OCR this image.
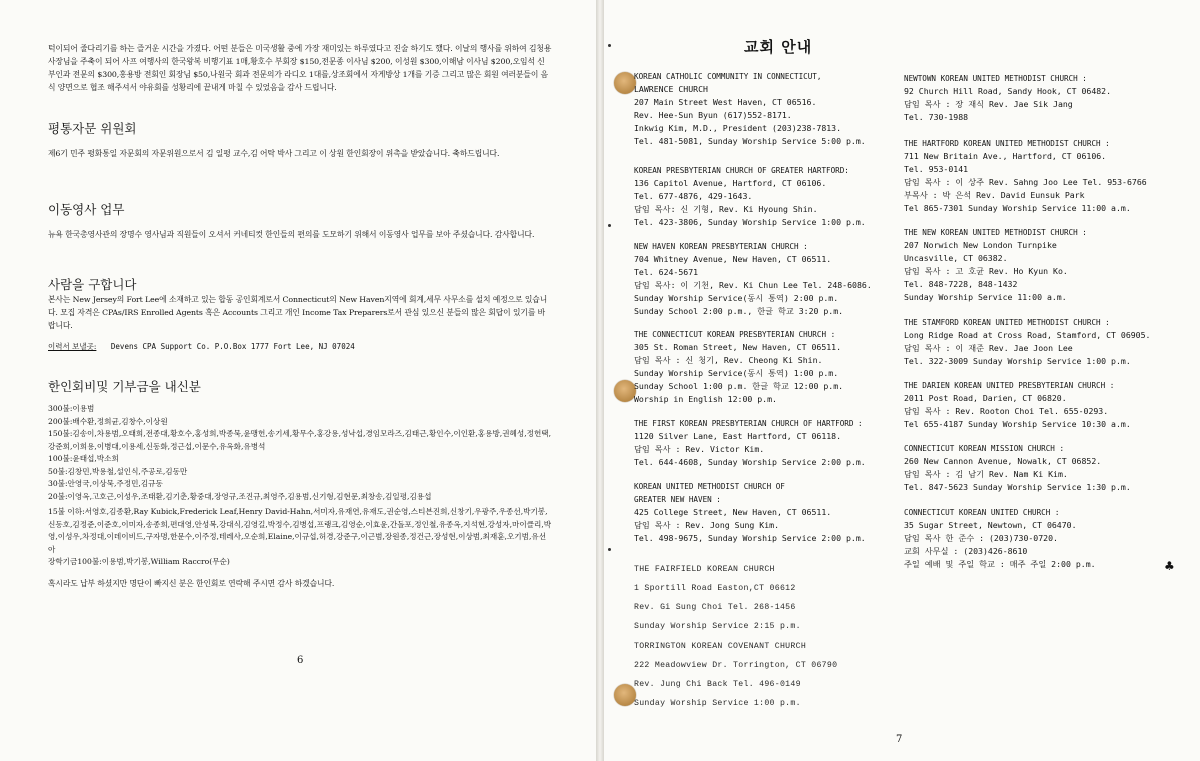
턱이되어 줄다리기를 하는 즐거운 시간을 가졌다. 어떤 분들은 미국생활 중에 가장 재미있는 하루였다고 진술 하기도 했다. 이날의 행사를 위하여 김청용 사장님을 주축이 되어 사프 여행사의 한국왕복 비행기표 1매,황호수 부회장 $150,전문종 이사님 $200, 이성원 $300,이해남 이사님 $200,오임석 신부인과 전문의 $300,홍용방 전회인 회장님 $50,나원국 회과 전문의가 라디오 1대를,상조회에서 자게방상 1개를 기증 그리고 많은 회원 여러분들이 음식 양면으로 협조 해주셔서 야유회를 성황리에 끝내게 마칠 수 있었음을 감사 드립니다.

평통자문 위원회

제6기 민주 평화통일 자문회의 자문위원으로서 김 일평 교수,김 어탁 박사 그리고 이 상원 한인회장이 위촉을 받았습니다. 축하드립니다.

이동영사 업무

뉴욕 한국총영사관의 장명수 영사님과 직원들이 오셔서 커네티컷 한인들의 편의를 도모하기 위해서 이동영사 업무를 보아 주셨습니다. 감사합니다.

사람을 구합니다

본사는 New Jersey의 Fort Lee에 소재하고 있는 합동 공인회계로서 Connecticut의 New Haven지역에 회계,세무 사무소를 설치 예정으로 있습니다. 모집 자격은 CPAs/IRS Enrolled Agents 혹은 Accounts 그리고 개인 Income Tax Preparers로서 관심 있으신 분들의 많은 회답이 있기를 바랍니다.

이력서 보낼곳: Devens CPA Support Co. P.O.Box 1777 Fort Lee, NJ 07024
한인회비및 기부금을 내신분
300불:이용범
200불:배수환,정희균,김창수,이상원
150불:김송이,차용범,오태희,전종대,황호수,홍성희,박종묵,윤맹헌,송기세,황무수,홍강용,성낙섭,경임모라즈,김태근,황인수,이인환,홍용방,권혜성,정헌택,강준희,이희용,이병대,이용세,신동화,정근섭,이문수,유옥화,유병석
100불:윤태섭,박소희
50불:김창민,박용철,설인식,주공로,김동만
30불:안영국,이상묵,주정민,김규동
20불:이영옥,고호근,이성우,조태환,김기춘,황중대,장영규,조진규,최영주,김용범,신기형,김현문,최창송,김일평,김용섭
15불 이하:서영호,김종환,Ray Kubick,Frederick Leaf,Henry David-Hahn,서미자,유재연,유재도,권순영,스티븐진희,신창기,우광주,우종선,박기봉,신동호,김정준,이준호,이미자,송종희,편대영,안성복,강대식,김영길,박정수,김병섭,프랭크,김영순,이효윤,간돌포,정인철,유종옥,지석현,강성자,마이클리,박영,이성우,차정대,이데이비드,구자명,한문수,이주정,테레사,오순희,Elaine,이규섭,허경,강준구,이근범,장원종,정건근,장성현,이상범,최재훈,오기범,유선아
장학기금100불:이용범,박기봉,William Raccro(무순)

혹시라도 납부 하셨지만 명단이 빠지신 분은 한인회로 연락해 주시면 감사 하겠습니다.

6
교회 안내
KOREAN CATHOLIC COMMUNITY IN CONNECTICUT,
LAWRENCE CHURCH
207 Main Street West Haven, CT 06516.
Rev. Hee-Sun Byun (617)552-8171.
Inkwig Kim, M.D., President (203)238-7813.
Tel. 481-5081, Sunday Worship Service 5:00 p.m.
KOREAN PRESBYTERIAN CHURCH OF GREATER HARTFORD:
136 Capitol Avenue, Hartford, CT 06106.
Tel. 677-4876, 429-1643.
담임 목사: 신 기형, Rev. Ki Hyoung Shin.
Tel. 423-3806, Sunday Worship Service 1:00 p.m.
NEW HAVEN KOREAN PRESBYTERIAN CHURCH :
704 Whitney Avenue, New Haven, CT 06511.
Tel. 624-5671
담임 목사: 이 기천, Rev. Ki Chun Lee Tel. 248-6086.
Sunday Worship Service(동시 통역) 2:00 p.m.
Sunday School 2:00 p.m., 한글 학교 3:20 p.m.
THE CONNECTICUT KOREAN PRESBYTERIAN CHURCH :
305 St. Roman Street, New Haven, CT 06511.
담임 목사 : 신 청기, Rev. Cheong Ki Shin.
Sunday Worship Service(동시 통역) 1:00 p.m.
Sunday School 1:00 p.m. 한글 학교 12:00 p.m.
Worship in English 12:00 p.m.
THE FIRST KOREAN PRESBYTERIAN CHURCH OF HARTFORD :
1120 Silver Lane, East Hartford, CT 06118.
담임 목사 : Rev. Victor Kim.
Tel. 644-4608, Sunday Worship Service 2:00 p.m.
KOREAN UNITED METHODIST CHURCH OF
GREATER NEW HAVEN :
425 College Street, New Haven, CT 06511.
담임 목사 : Rev. Jong Sung Kim.
Tel. 498-9675, Sunday Worship Service 2:00 p.m.
THE FAIRFIELD KOREAN CHURCH
1 Sportill Road Easton,CT 06612
Rev. Gi Sung Choi Tel. 268-1456
Sunday Worship Service 2:15 p.m.
TORRINGTON KOREAN COVENANT CHURCH
222 Meadowview Dr. Torrington, CT 06790
Rev. Jung Chi Back Tel. 496-0149
Sunday Worship Service 1:00 p.m.
NEWTOWN KOREAN UNITED METHODIST CHURCH :
92 Church Hill Road, Sandy Hook, CT 06482.
담임 목사 : 장 재식 Rev. Jae Sik Jang
Tel. 730-1988
THE HARTFORD KOREAN UNITED METHODIST CHURCH :
711 New Britain Ave., Hartford, CT 06106.
Tel. 953-0141
담임 목사 : 이 상주 Rev. Sahng Joo Lee Tel. 953-6766
부목사 : 박 은석 Rev. David Eunsuk Park
Tel 865-7301 Sunday Worship Service 11:00 a.m.
THE NEW KOREAN UNITED METHODIST CHURCH :
207 Norwich New London Turnpike
Uncasville, CT 06382.
담임 목사 : 고 호균 Rev. Ho Kyun Ko.
Tel. 848-7228, 848-1432
Sunday Worship Service 11:00 a.m.
THE STAMFORD KOREAN UNITED METHODIST CHURCH :
Long Ridge Road at Cross Road, Stamford, CT 06905.
담임 목사 : 이 재준 Rev. Jae Joon Lee
Tel. 322-3009 Sunday Worship Service 1:00 p.m.
THE DARIEN KOREAN UNITED PRESBYTERIAN CHURCH :
2011 Post Road, Darien, CT 06820.
담임 목사 : Rev. Rooton Choi Tel. 655-0293.
Tel 655-4187 Sunday Worship Service 10:30 a.m.
CONNECTICUT KOREAN MISSION CHURCH :
260 New Cannon Avenue, Nowalk, CT 06852.
담임 목사 : 김 남기 Rev. Nam Ki Kim.
Tel. 847-5623 Sunday Worship Service 1:30 p.m.
CONNECTICUT KOREAN UNITED CHURCH :
35 Sugar Street, Newtown, CT 06470.
담임 목사 한 준수 : (203)730-0720.
교회 사무실 : (203)426-8610
주일 예배 및 주일 학교 : 매주 주일 2:00 p.m.	♣
7
